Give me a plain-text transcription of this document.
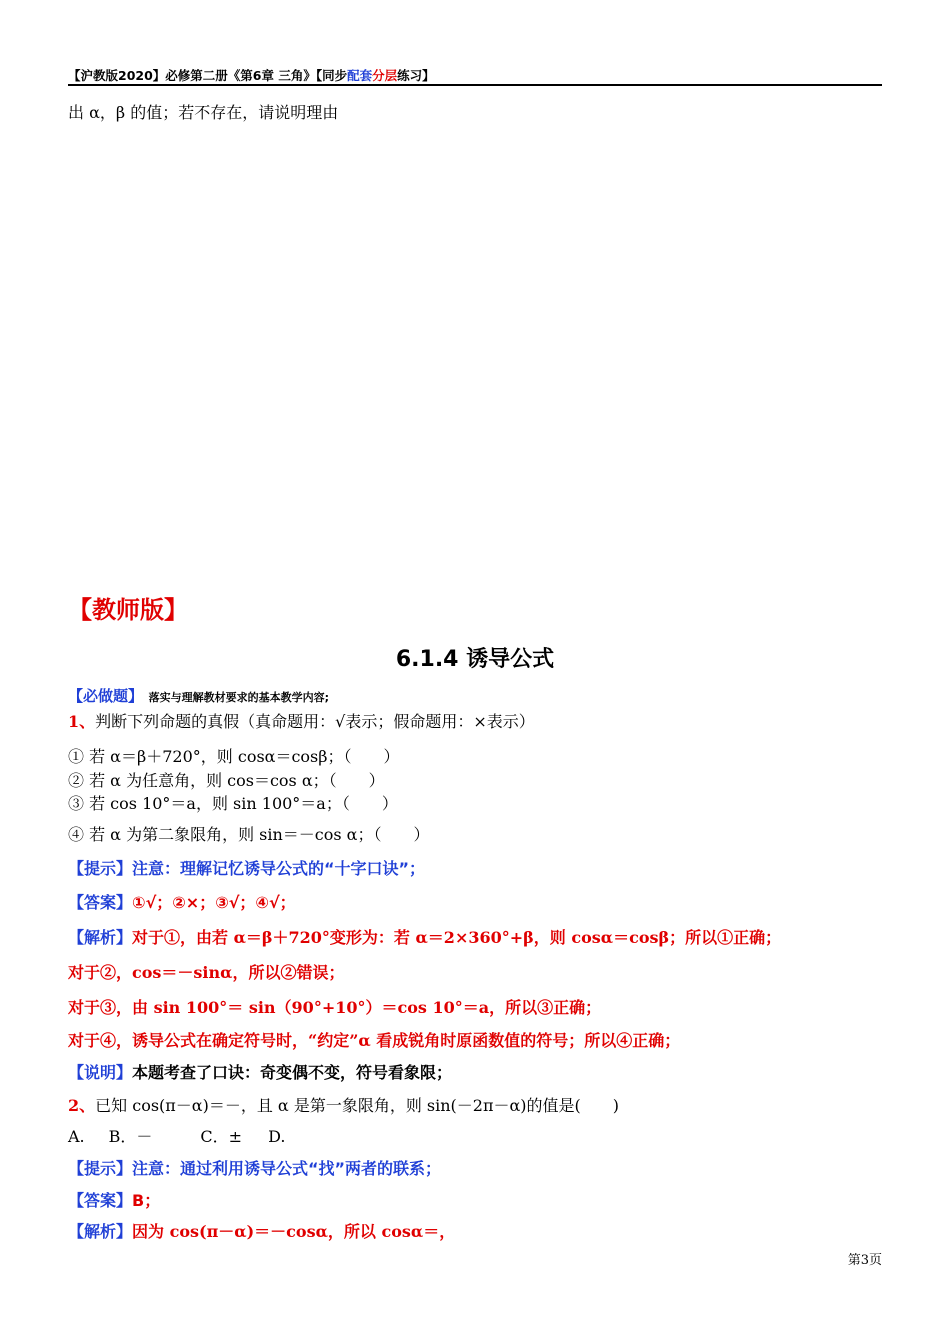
【沪教版2020】必修第二册《第6章 三角》【同步配套分层练习】
出 α，β 的值；若不存在，请说明理由
【教师版】
6.1.4 诱导公式
【必做题】 落实与理解教材要求的基本教学内容;
1、判断下列命题的真假（真命题用：√表示；假命题用：×表示）
① 若 α＝β＋720°，则 cosα＝cosβ；（　　）
② 若 α 为任意角，则 cos＝cos α；（　　）
③ 若 cos 10°＝a，则 sin 100°＝a；（　　）
④ 若 α 为第二象限角，则 sin＝－cos α；（　　）
【提示】注意：理解记忆诱导公式的“十字口诀”；
【答案】①√；②×；③√；④√；
【解析】对于①，由若 α＝β＋720°变形为：若 α＝2×360°+β，则 cosα＝cosβ；所以①正确；
对于②，cos＝－sinα，所以②错误；
对于③，由 sin 100°＝ sin（90°+10°）＝cos 10°＝a，所以③正确；
对于④，诱导公式在确定符号时，“约定”α 看成锐角时原函数值的符号；所以④正确；
【说明】本题考查了口诀：奇变偶不变，符号看象限；
2、已知 cos(π－α)＝－，且 α 是第一象限角，则 sin(－2π－α)的值是(　　)
A. B．－	C．± D.
【提示】注意：通过利用诱导公式“找”两者的联系；
【答案】B；
【解析】因为 cos(π－α)＝－cosα，所以 cosα＝，
第3页
